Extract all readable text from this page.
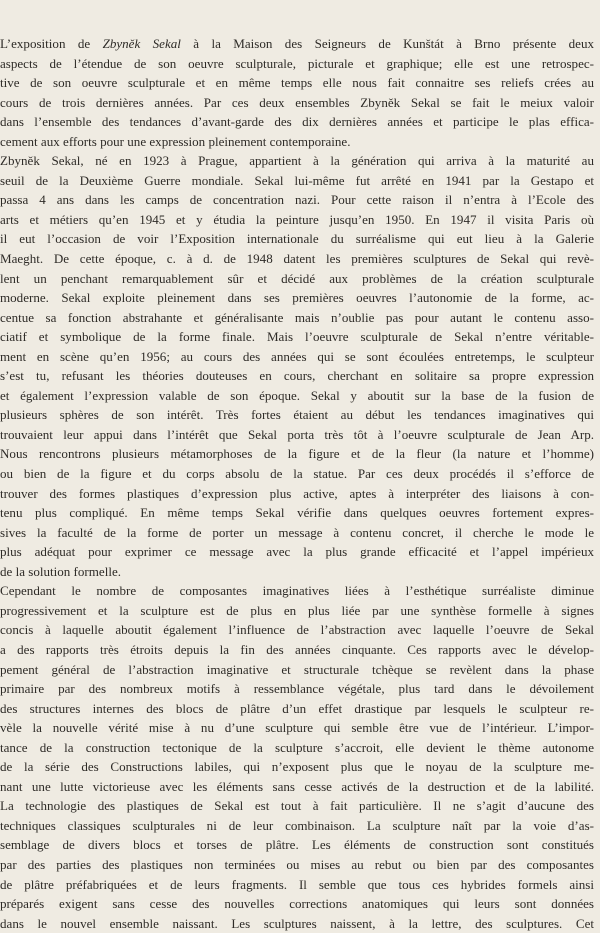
L’exposition de Zbyněk Sekal à la Maison des Seigneurs de Kunštát à Brno présente deux
aspects de l’étendue de son oeuvre sculpturale, picturale et graphique; elle est une retrospec-
tive de son oeuvre sculpturale et en même temps elle nous fait connaitre ses reliefs crées au
cours de trois dernières années. Par ces deux ensembles Zbyněk Sekal se fait le meiux valoir
dans l’ensemble des tendances d’avant-garde des dix dernières années et participe le plas effica-
cement aux efforts pour une expression pleinement contemporaine.
Zbyněk Sekal, né en 1923 à Prague, appartient à la génération qui arriva à la maturité au
seuil de la Deuxième Guerre mondiale. Sekal lui-même fut arrêté en 1941 par la Gestapo et
passa 4 ans dans les camps de concentration nazi. Pour cette raison il n’entra à l’Ecole des
arts et métiers qu’en 1945 et y étudia la peinture jusqu’en 1950. En 1947 il visita Paris où
il eut l’occasion de voir l’Exposition internationale du surréalisme qui eut lieu à la Galerie
Maeght. De cette époque, c. à d. de 1948 datent les premières sculptures de Sekal qui revè-
lent un penchant remarquablement sûr et décidé aux problèmes de la création sculpturale
moderne. Sekal exploite pleinement dans ses premières oeuvres l’autonomie de la forme, ac-
centue sa fonction abstrahante et généralisante mais n’oublie pas pour autant le contenu asso-
ciatif et symbolique de la forme finale. Mais l’oeuvre sculpturale de Sekal n’entre véritable-
ment en scène qu’en 1956; au cours des années qui se sont écoulées entretemps, le sculpteur
s’est tu, refusant les théories douteuses en cours, cherchant en solitaire sa propre expression
et également l’expression valable de son époque. Sekal y aboutit sur la base de la fusion de
plusieurs sphères de son intérêt. Très fortes étaient au début les tendances imaginatives qui
trouvaient leur appui dans l’intérêt que Sekal porta très tôt à l’oeuvre sculpturale de Jean Arp.
Nous rencontrons plusieurs métamorphoses de la figure et de la fleur (la nature et l’homme)
ou bien de la figure et du corps absolu de la statue. Par ces deux procédés il s’efforce de
trouver des formes plastiques d’expression plus active, aptes à interpréter des liaisons à con-
tenu plus compliqué. En même temps Sekal vérifie dans quelques oeuvres fortement expres-
sives la faculté de la forme de porter un message à contenu concret, il cherche le mode le
plus adéquat pour exprimer ce message avec la plus grande efficacité et l’appel impérieux
de la solution formelle.
Cependant le nombre de composantes imaginatives liées à l’esthétique surréaliste diminue
progressivement et la sculpture est de plus en plus liée par une synthèse formelle à signes
concis à laquelle aboutit également l’influence de l’abstraction avec laquelle l’oeuvre de Sekal
a des rapports très étroits depuis la fin des années cinquante. Ces rapports avec le dévelop-
pement général de l’abstraction imaginative et structurale tchèque se revèlent dans la phase
primaire par des nombreux motifs à ressemblance végétale, plus tard dans le dévoilement
des structures internes des blocs de plâtre d’un effet drastique par lesquels le sculpteur re-
vèle la nouvelle vérité mise à nu d’une sculpture qui semble être vue de l’intérieur. L’impor-
tance de la construction tectonique de la sculpture s’accroit, elle devient le thème autonome
de la série des Constructions labiles, qui n’exposent plus que le noyau de la sculpture me-
nant une lutte victorieuse avec les éléments sans cesse activés de la destruction et de la labilité.
La technologie des plastiques de Sekal est tout à fait particulière. Il ne s’agit d’aucune des
techniques classiques sculpturales ni de leur combinaison. La sculpture naît par la voie d’as-
semblage de divers blocs et torses de plâtre. Les éléments de construction sont constitués
par des parties des plastiques non terminées ou mises au rebut ou bien par des composantes
de plâtre préfabriquées et de leurs fragments. Il semble que tous ces hybrides formels ainsi
préparés exigent sans cesse des nouvelles corrections anatomiques qui leurs sont données
dans le nouvel ensemble naissant. Les sculptures naissent, à la lettre, des sculptures. Cet
